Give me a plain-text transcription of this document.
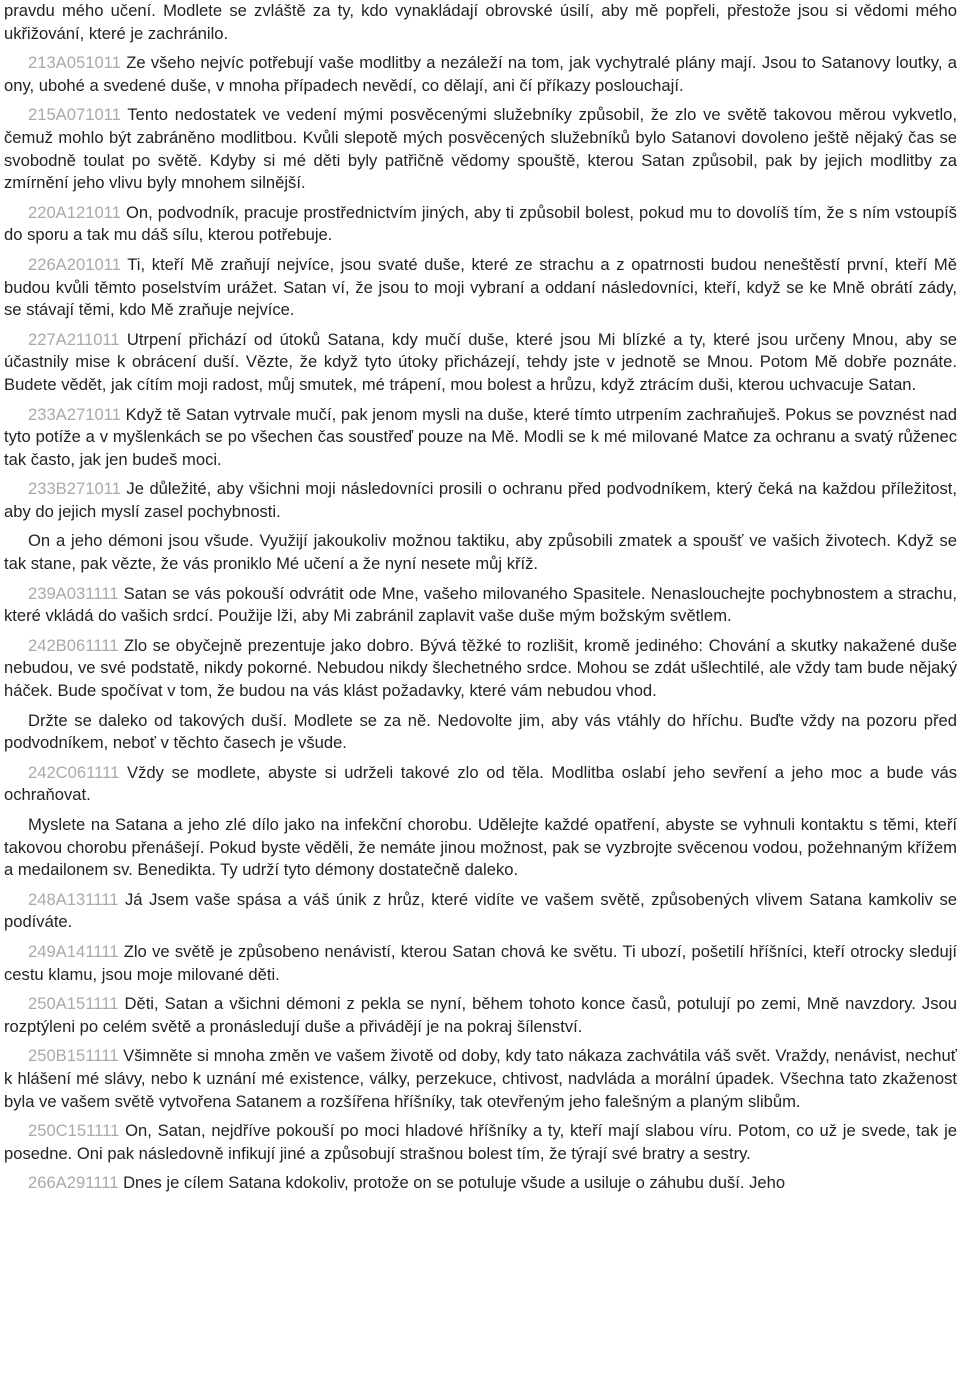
pravdu mého učení. Modlete se zvláště za ty, kdo vynakládají obrovské úsilí, aby mě popřeli, přestože jsou si vědomi mého ukřižování, které je zachránilo.

213A051011 Ze všeho nejvíc potřebují vaše modlitby a nezáleží na tom, jak vychytralé plány mají. Jsou to Satanovy loutky, a ony, ubohé a svedené duše, v mnoha případech nevědí, co dělají, ani čí příkazy poslouchají.

215A071011 Tento nedostatek ve vedení mými posvěcenými služebníky způsobil, že zlo ve světě takovou měrou vykvetlo, čemuž mohlo být zabráněno modlitbou. Kvůli slepotě mých posvěcených služebníků bylo Satanovi dovoleno ještě nějaký čas se svobodně toulat po světě. Kdyby si mé děti byly patřičně vědomy spouště, kterou Satan způsobil, pak by jejich modlitby za zmírnění jeho vlivu byly mnohem silnější.

220A121011 On, podvodník, pracuje prostřednictvím jiných, aby ti způsobil bolest, pokud mu to dovolíš tím, že s ním vstoupíš do sporu a tak mu dáš sílu, kterou potřebuje.

226A201011 Ti, kteří Mě zraňují nejvíce, jsou svaté duše, které ze strachu a z opatrnosti budou neneštěstí první, kteří Mě budou kvůli těmto poselstvím urážet. Satan ví, že jsou to moji vybraní a oddaní následovníci, kteří, když se ke Mně obrátí zády, se stávají těmi, kdo Mě zraňuje nejvíce.

227A211011 Utrpení přichází od útoků Satana, kdy mučí duše, které jsou Mi blízké a ty, které jsou určeny Mnou, aby se účastnily mise k obrácení duší. Vězte, že když tyto útoky přicházejí, tehdy jste v jednotě se Mnou. Potom Mě dobře poznáte. Budete vědět, jak cítím moji radost, můj smutek, mé trápení, mou bolest a hrůzu, když ztrácím duši, kterou uchvacuje Satan.

233A271011 Když tě Satan vytrvale mučí, pak jenom mysli na duše, které tímto utrpením zachraňuješ. Pokus se povznést nad tyto potíže a v myšlenkách se po všechen čas soustřeď pouze na Mě. Modli se k mé milované Matce za ochranu a svatý růženec tak často, jak jen budeš moci.

233B271011 Je důležité, aby všichni moji následovníci prosili o ochranu před podvodníkem, který čeká na každou příležitost, aby do jejich myslí zasel pochybnosti.

On a jeho démoni jsou všude. Využijí jakoukoliv možnou taktiku, aby způsobili zmatek a spoušť ve vašich životech. Když se tak stane, pak vězte, že vás proniklo Mé učení a že nyní nesete můj kříž.

239A031111 Satan se vás pokouší odvrátit ode Mne, vašeho milovaného Spasitele. Nenaslouchejte pochybnostem a strachu, které vkládá do vašich srdcí. Použije lži, aby Mi zabránil zaplavit vaše duše mým božským světlem.

242B061111 Zlo se obyčejně prezentuje jako dobro. Bývá těžké to rozlišit, kromě jediného: Chování a skutky nakažené duše nebudou, ve své podstatě, nikdy pokorné. Nebudou nikdy šlechetného srdce. Mohou se zdát ušlechtilé, ale vždy tam bude nějaký háček. Bude spočívat v tom, že budou na vás klást požadavky, které vám nebudou vhod.

Držte se daleko od takových duší. Modlete se za ně. Nedovolte jim, aby vás vtáhly do hříchu. Buďte vždy na pozoru před podvodníkem, neboť v těchto časech je všude.

242C061111 Vždy se modlete, abyste si udrželi takové zlo od těla. Modlitba oslabí jeho sevření a jeho moc a bude vás ochraňovat.

Myslete na Satana a jeho zlé dílo jako na infekční chorobu. Udělejte každé opatření, abyste se vyhnuli kontaktu s těmi, kteří takovou chorobu přenášejí. Pokud byste věděli, že nemáte jinou možnost, pak se vyzbrojte svěcenou vodou, požehnaným křížem a medailonem sv. Benedikta. Ty udrží tyto démony dostatečně daleko.

248A131111 Já Jsem vaše spása a váš únik z hrůz, které vidíte ve vašem světě, způsobených vlivem Satana kamkoliv se podíváte.

249A141111 Zlo ve světě je způsobeno nenávistí, kterou Satan chová ke světu. Ti ubozí, pošetilí hříšníci, kteří otrocky sledují cestu klamu, jsou moje milované děti.

250A151111 Děti, Satan a všichni démoni z pekla se nyní, během tohoto konce časů, potulují po zemi, Mně navzdory. Jsou rozptýleni po celém světě a pronásledují duše a přivádějí je na pokraj šílenství.

250B151111 Všimněte si mnoha změn ve vašem životě od doby, kdy tato nákaza zachvátila váš svět. Vraždy, nenávist, nechuť k hlášení mé slávy, nebo k uznání mé existence, války, perzekuce, chtivost, nadvláda a morální úpadek. Všechna tato zkaženost byla ve vašem světě vytvořena Satanem a rozšířena hříšníky, tak otevřeným jeho falešným a planým slibům.

250C151111 On, Satan, nejdříve pokouší po moci hladové hříšníky a ty, kteří mají slabou víru. Potom, co už je svede, tak je posedne. Oni pak následovně infikují jiné a způsobují strašnou bolest tím, že týrají své bratry a sestry.

266A291111 Dnes je cílem Satana kdokoliv, protože on se potuluje všude a usiluje o záhubu duší. Jeho
